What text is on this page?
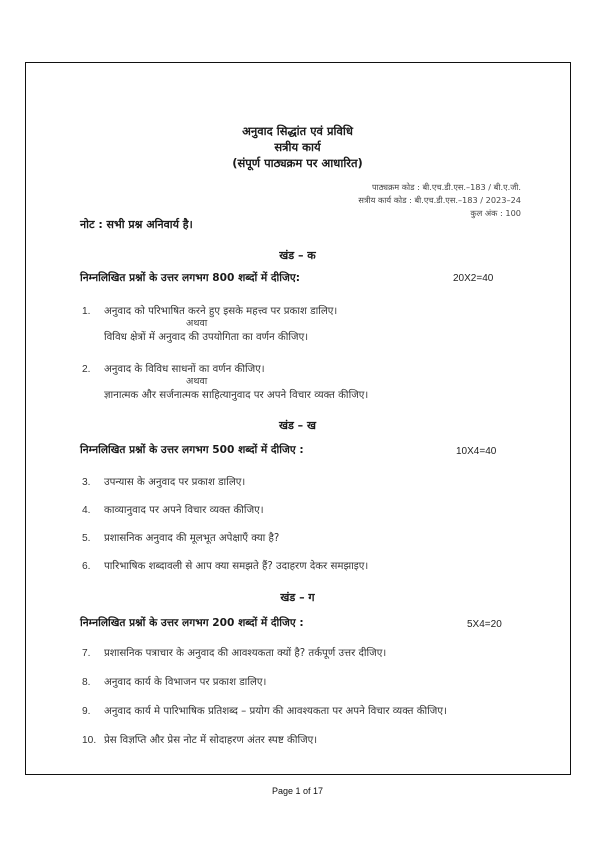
अनुवाद सिद्धांत एवं प्रविधि
सत्रीय कार्य
(संपूर्ण पाठ्यक्रम पर आधारित)
पाठ्यक्रम कोड : बी.एच.डी.एस.–183 / बी.ए.जी.
सत्रीय कार्य कोड : बी.एच.डी.एस.–183 / 2023–24
कुल अंक : 100
नोट : सभी प्रश्न अनिवार्य है।
खंड – क
निम्नलिखित प्रश्नों के उत्तर लगभग 800 शब्दों में दीजिए:	20X2=40
1. अनुवाद को परिभाषित करने हुए इसके महत्त्व पर प्रकाश डालिए।
अथवा
विविध क्षेत्रों में अनुवाद की उपयोगिता का वर्णन कीजिए।
2. अनुवाद के विविध साधनों का वर्णन कीजिए।
अथवा
ज्ञानात्मक और सर्जनात्मक साहित्यानुवाद पर अपने विचार व्यक्त कीजिए।
खंड – ख
निम्नलिखित प्रश्नों के उत्तर लगभग 500 शब्दों में दीजिए :	10X4=40
3. उपन्यास के अनुवाद पर प्रकाश डालिए।
4. काव्यानुवाद पर अपने विचार व्यक्त कीजिए।
5. प्रशासनिक अनुवाद की मूलभूत अपेक्षाएँ क्या है?
6. पारिभाषिक शब्दावली से आप क्या समझते हैं? उदाहरण देकर समझाइए।
खंड – ग
निम्नलिखित प्रश्नों के उत्तर लगभग 200 शब्दों में दीजिए :	5X4=20
7. प्रशासनिक पत्राचार के अनुवाद की आवश्यकता क्यों है? तर्कपूर्ण उत्तर दीजिए।
8. अनुवाद कार्य के विभाजन पर प्रकाश डालिए।
9. अनुवाद कार्य मे पारिभाषिक प्रतिशब्द – प्रयोग की आवश्यकता पर अपने विचार व्यक्त कीजिए।
10. प्रेस विज्ञप्ति और प्रेस नोट में सोदाहरण अंतर स्पष्ट कीजिए।
Page 1 of 17
